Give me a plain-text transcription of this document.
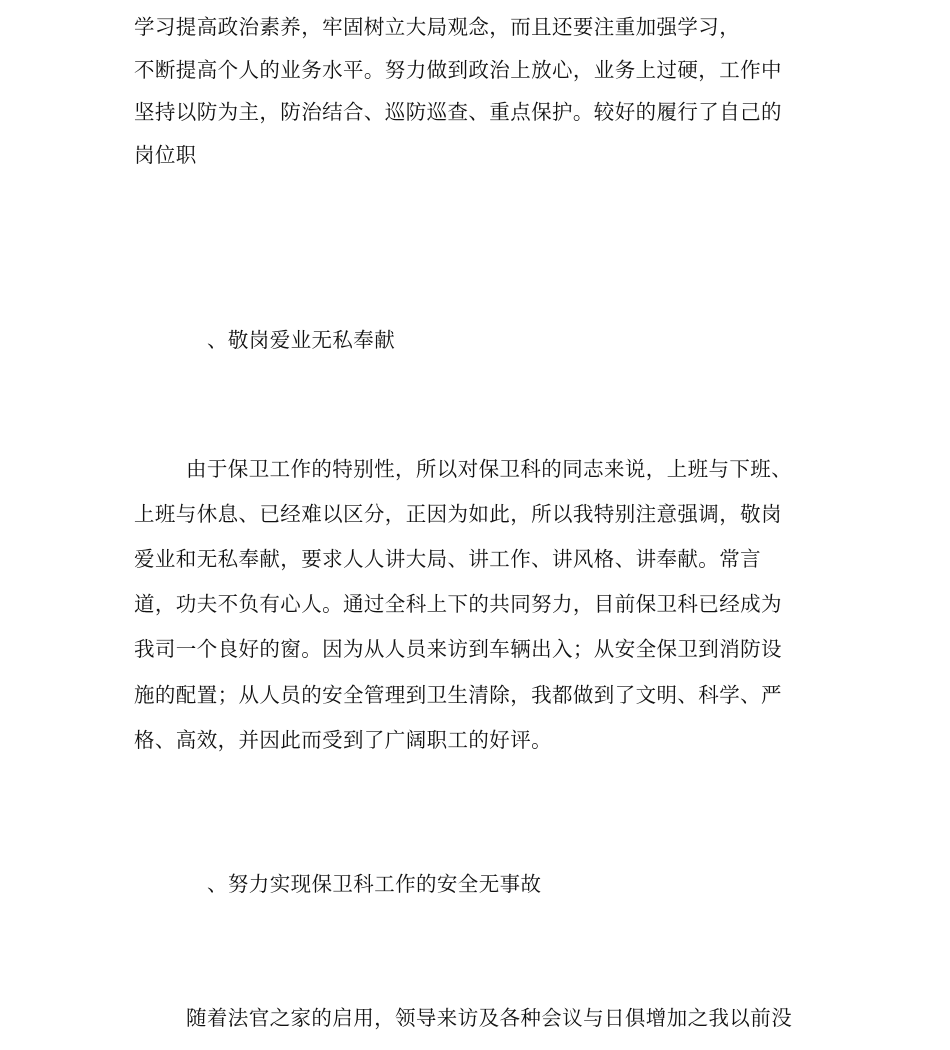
学习提高政治素养，牢固树立大局观念，而且还要注重加强学习，
不断提高个人的业务水平。努力做到政治上放心，业务上过硬，工作中
坚持以防为主，防治结合、巡防巡查、重点保护。较好的履行了自己的
岗位职
、敬岗爱业无私奉献
由于保卫工作的特别性，所以对保卫科的同志来说，上班与下班、
上班与休息、已经难以区分，正因为如此，所以我特别注意强调，敬岗
爱业和无私奉献，要求人人讲大局、讲工作、讲风格、讲奉献。常言
道，功夫不负有心人。通过全科上下的共同努力，目前保卫科已经成为
我司一个良好的窗。因为从人员来访到车辆出入；从安全保卫到消防设
施的配置；从人员的安全管理到卫生清除，我都做到了文明、科学、严
格、高效，并因此而受到了广阔职工的好评。
、努力实现保卫科工作的安全无事故
随着法官之家的启用，领导来访及各种会议与日俱增加之我以前没
